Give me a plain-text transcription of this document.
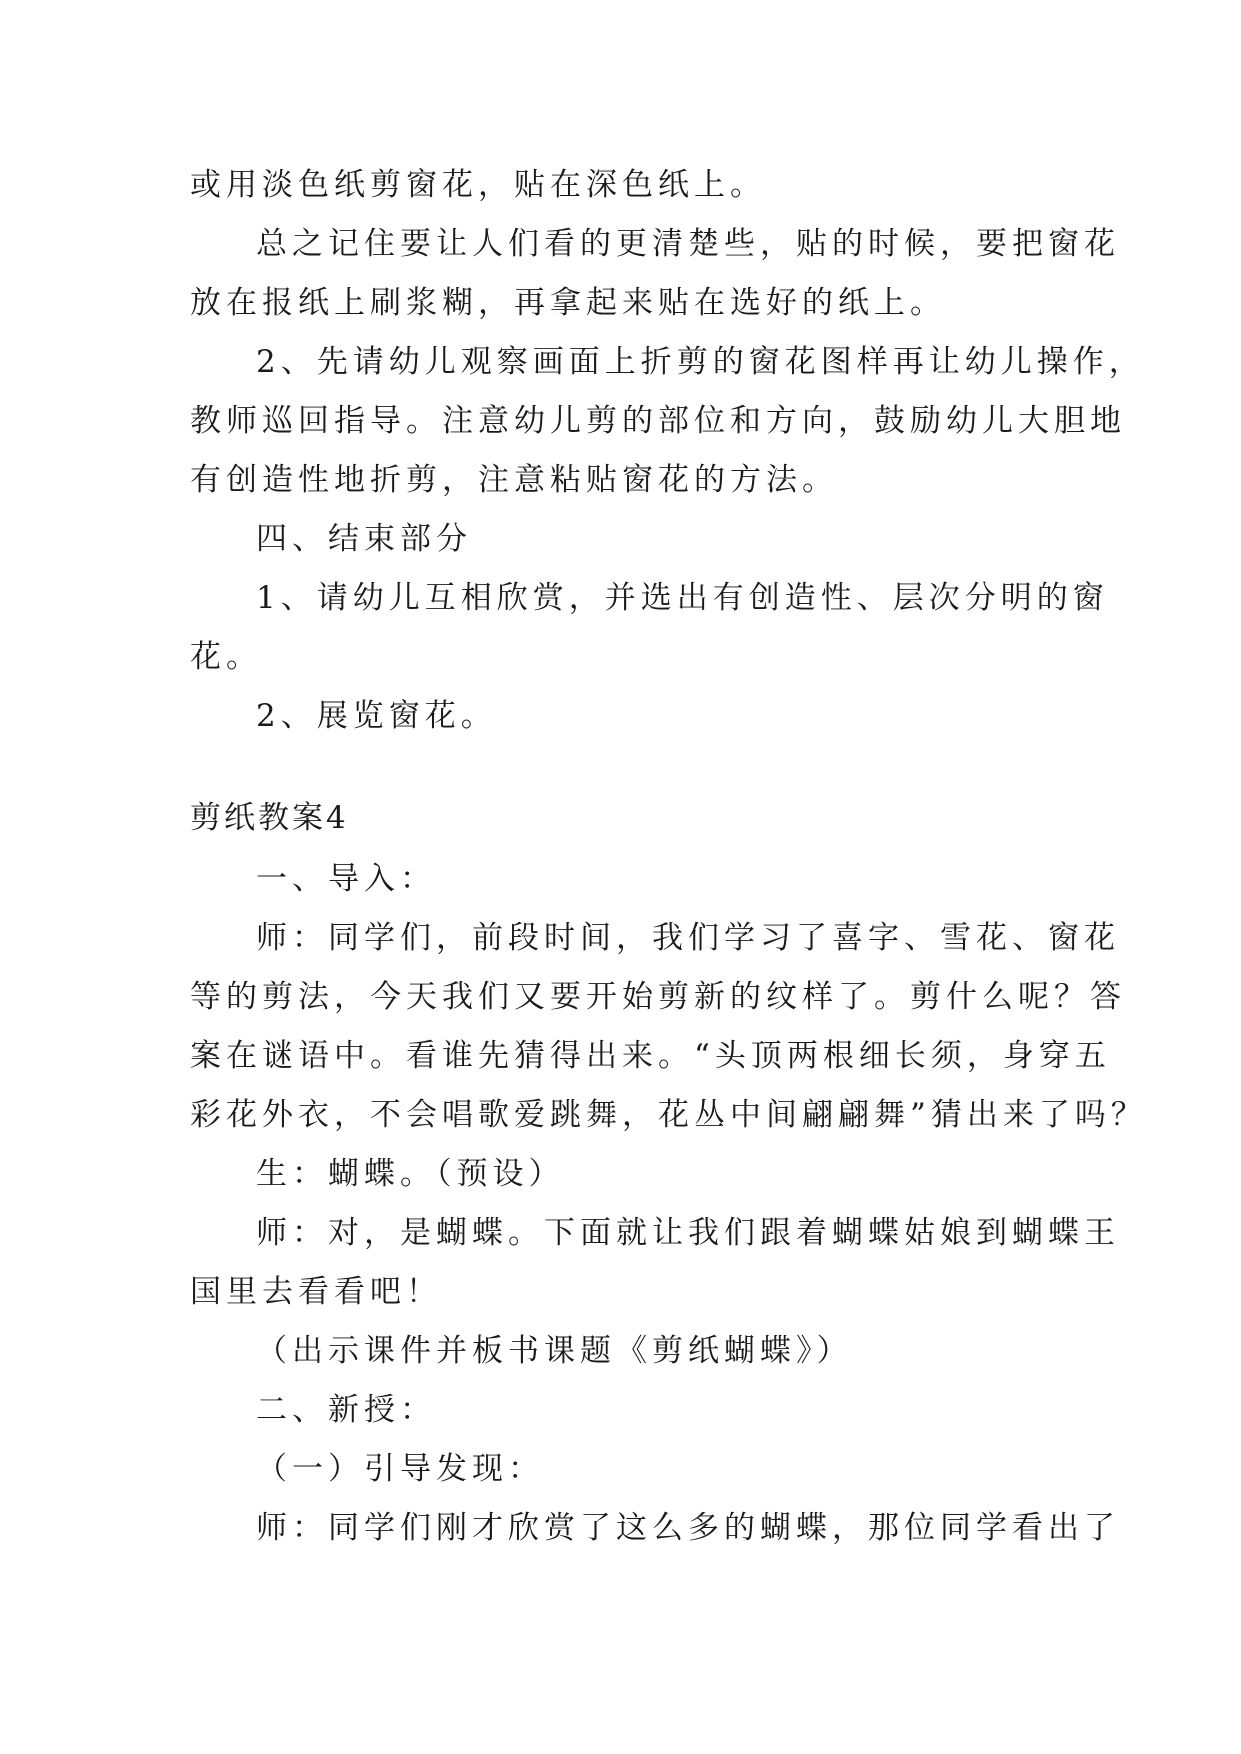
或用淡色纸剪窗花，贴在深色纸上。
总之记住要让人们看的更清楚些，贴的时候，要把窗花
放在报纸上刷浆糊，再拿起来贴在选好的纸上。
2、先请幼儿观察画面上折剪的窗花图样再让幼儿操作，
教师巡回指导。注意幼儿剪的部位和方向，鼓励幼儿大胆地
有创造性地折剪，注意粘贴窗花的方法。
四、结束部分
1、请幼儿互相欣赏，并选出有创造性、层次分明的窗
花。
2、展览窗花。
剪纸教案4
一、导入：
师：同学们，前段时间，我们学习了喜字、雪花、窗花
等的剪法，今天我们又要开始剪新的纹样了。剪什么呢？答
案在谜语中。看谁先猜得出来。“头顶两根细长须，身穿五
彩花外衣，不会唱歌爱跳舞，花丛中间翩翩舞”猜出来了吗？
生：蝴蝶。（预设）
师：对，是蝴蝶。下面就让我们跟着蝴蝶姑娘到蝴蝶王
国里去看看吧！
（出示课件并板书课题《剪纸蝴蝶》）
二、新授：
（一）引导发现：
师：同学们刚才欣赏了这么多的蝴蝶，那位同学看出了
